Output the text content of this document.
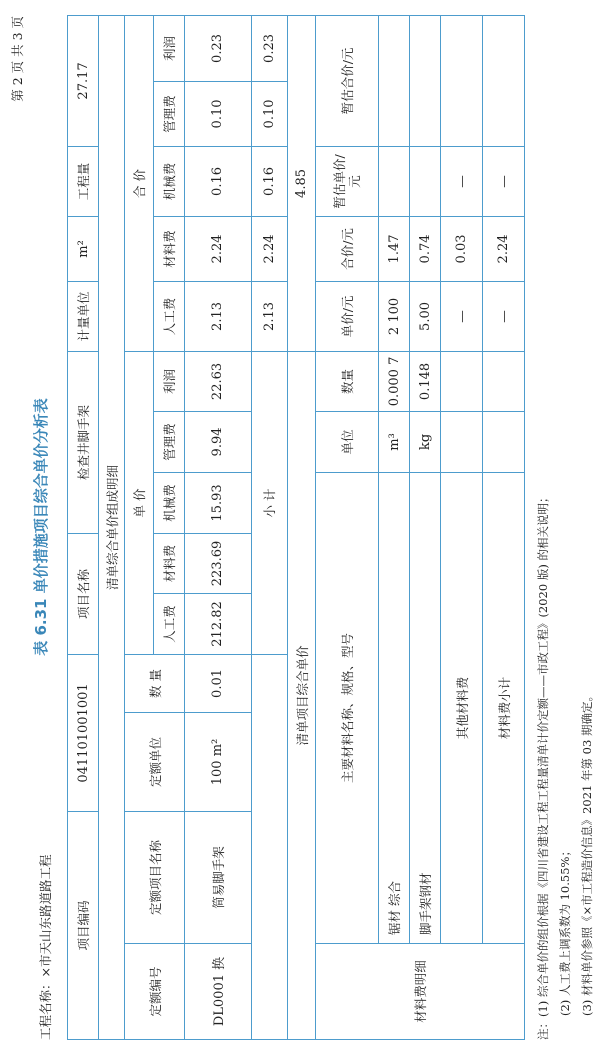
第 2 页 共 3 页
表 6.31 单价措施项目综合单价分析表
工程名称：×市天山东路道路工程 项目编码		041101001001		项目名称		检查井脚手架			计量单位	m²	工程量	27.17	
清单综合单价组成明细													
定额编号	定额项目名称	定额单位	数 量	单 价					合 价				
				人工费	材料费	机械费	管理费	利润	人工费	材料费	机械费	管理费	利润
DL0001 换	简易脚手架	100 m²	0.01	212.82	223.69	15.93	9.94	22.63	2.13	2.24	0.16	0.10	0.23
				小 计					2.13	2.24	0.16	0.10	0.23
清单项目综合单价									4.85				
材料费明细	主要材料名称、规格、型号						单位	数量	单价/元	合价/元	暂估单价/元	暂估合价/元	
	锯材 综合						m³	0.000 7	2 100	1.47			
	脚手架钢材						kg	0.148	5.00	0.74			
	其他材料费								—	0.03	—		
	材料费小计								—	2.24	—		
注：(1) 综合单价的组价根据《四川省建设工程工程量清单计价定额——市政工程》(2020 版) 的相关说明； (2) 人工费上调系数为 10.55%； (3) 材料单价参照《×市工程造价信息》2021 年第 03 期确定。
